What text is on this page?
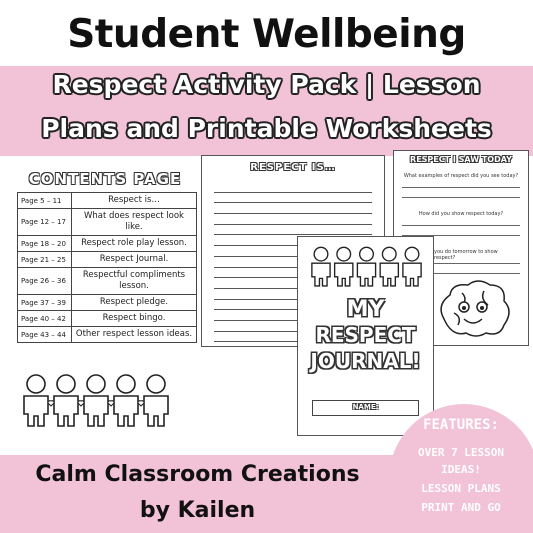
Student Wellbeing
Respect Activity Pack | Lesson
Plans and Printable Worksheets
CONTENTS PAGE
Page 5 – 11	Respect is…
Page 12 – 17	What does respect look like.
Page 18 – 20	Respect role play lesson.
Page 21 – 25	Respect Journal.
Page 26 – 36	Respectful compliments lesson.
Page 37 – 39	Respect pledge.
Page 40 – 42	Respect bingo.
Page 43 – 44	Other respect lesson ideas.
RESPECT IS…
RESPECT I SAW TODAY
What examples of respect did you see today?
How did you show respect today?
you do tomorrow to show respect?
MY
RESPECT
JOURNAL!
NAME:
Calm Classroom Creations
by Kailen
FEATURES:
OVER 7 LESSON
IDEAS!
LESSON PLANS
PRINT AND GO
